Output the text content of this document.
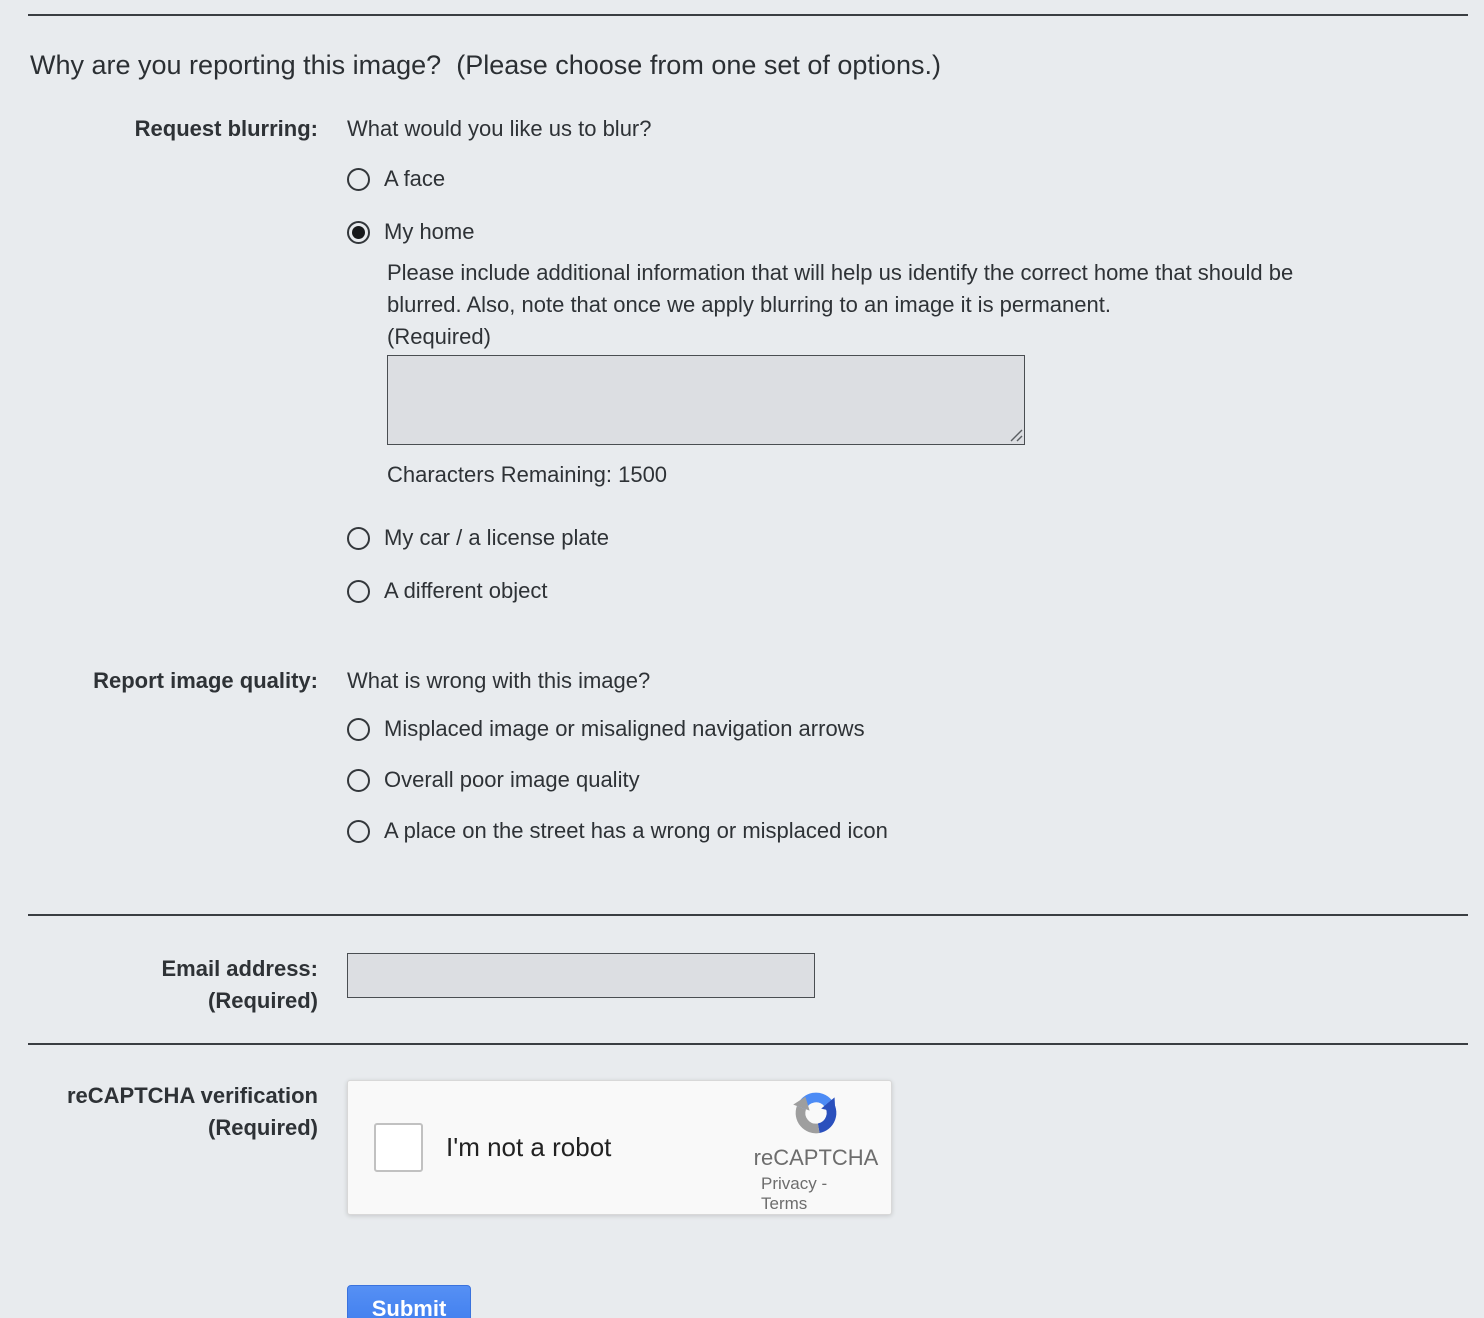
Why are you reporting this image?  (Please choose from one set of options.)
Request blurring: What would you like us to blur?
A face
My home

Please include additional information that will help us identify the correct home that should be blurred. Also, note that once we apply blurring to an image it is permanent.

(Required)
Characters Remaining: 1500
My car / a license plate
A different object
Report image quality: What is wrong with this image?
Misplaced image or misaligned navigation arrows
Overall poor image quality
A place on the street has a wrong or misplaced icon
Email address:
(Required)
reCAPTCHA verification
(Required)
I'm not a robot	reCAPTCHA
Privacy - Terms
Submit
